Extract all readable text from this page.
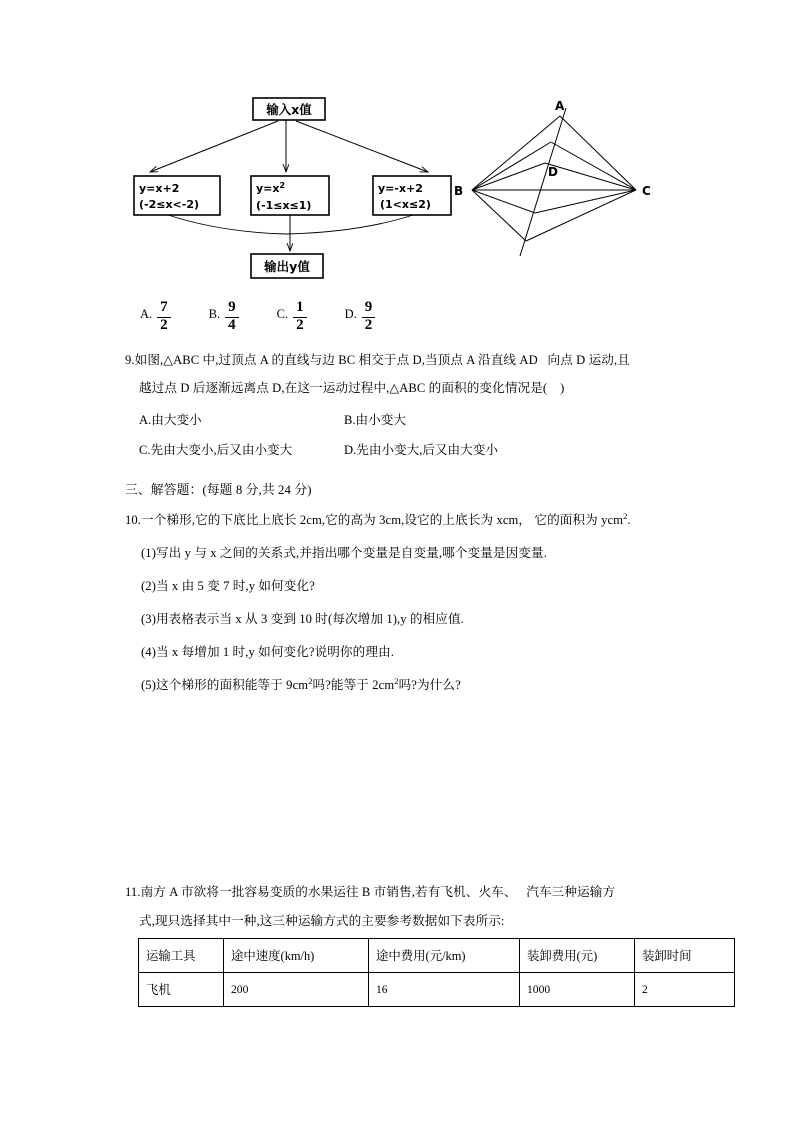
输入x值
y=x+2
(-2≤x<-2)
$y=x^2$
(-1≤x≤1)
y=-x+2
(1<x≤2)
输出y值
A
B	C
D
A. $\frac{7}{2}$	B. $\frac{9}{4}$	C. $\frac{1}{2}$	D. $\frac{9}{2}$
9.如图,△ABC 中,过顶点 A 的直线与边 BC 相交于点 D,当顶点 A 沿直线 AD   向点 D 运动,且
越过点 D 后逐渐远离点 D,在这一运动过程中,△ABC 的面积的变化情况是(    )
A.由大变小	B.由小变大
C.先由大变小,后又由小变大	D.先由小变大,后又由大变小
三、解答题：(每题 8 分,共 24 分)
10.一个梯形,它的下底比上底长 2cm,它的高为 3cm,设它的上底长为 xcm， 它的面积为 ycm$^2$.
(1)写出 y 与 x 之间的关系式,并指出哪个变量是自变量,哪个变量是因变量.
(2)当 x 由 5 变 7 时,y 如何变化?
(3)用表格表示当 x 从 3 变到 10 时(每次增加 1),y 的相应值.
(4)当 x 每增加 1 时,y 如何变化?说明你的理由.
(5)这个梯形的面积能等于 $9cm^2$吗?能等于 $2cm^2$吗?为什么?
11.南方 A 市欲将一批容易变质的水果运往 B 市销售,若有飞机、火车、   汽车三种运输方
式,现只选择其中一种,这三种运输方式的主要参考数据如下表所示:
运输工具	途中速度(km/h)	途中费用(元/km)	装卸费用(元)	装卸时间
飞机	200	16	1000	2
